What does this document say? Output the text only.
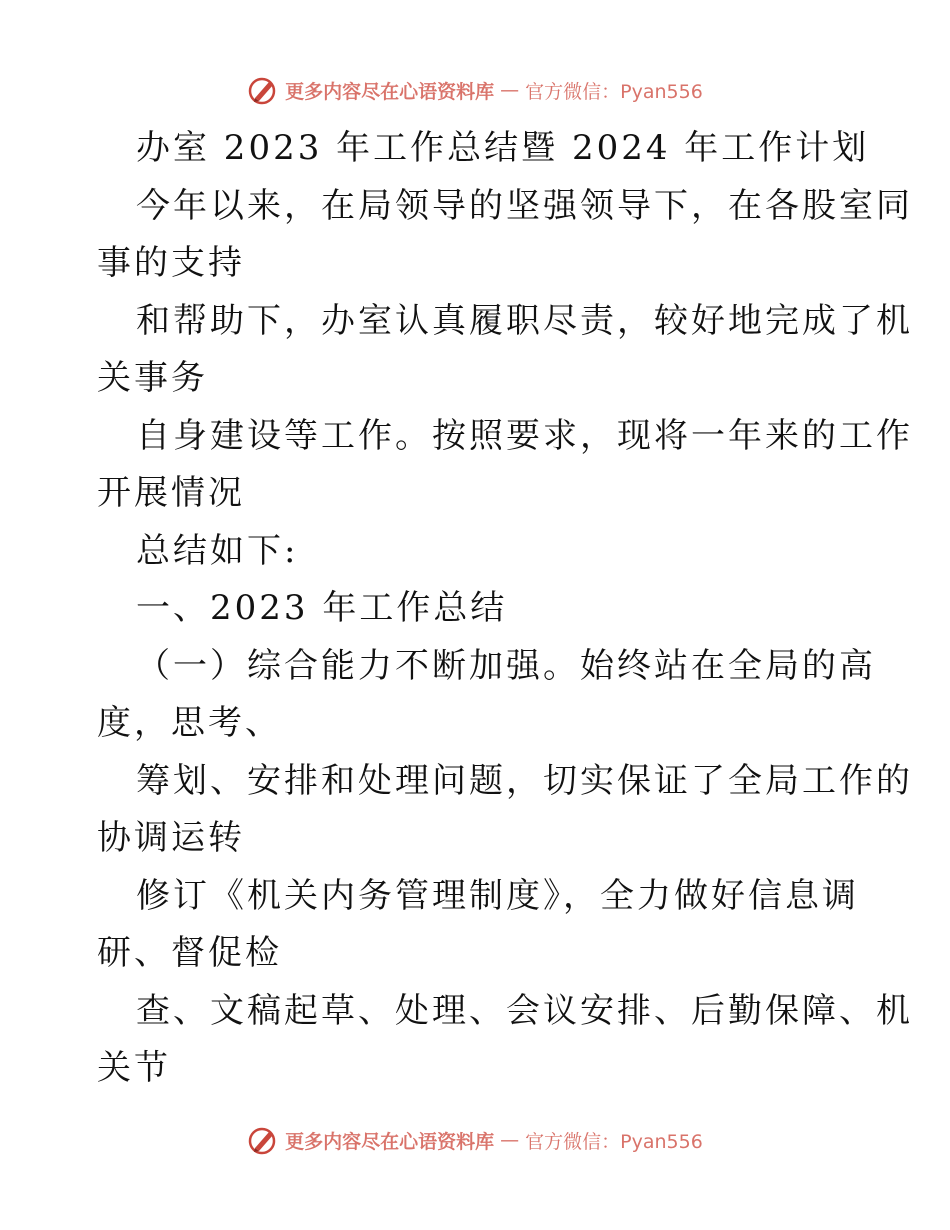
更多内容尽在心语资料库 — 官方微信：Pyan556
办室 2023 年工作总结暨 2024 年工作计划
今年以来，在局领导的坚强领导下，在各股室同
事的支持
和帮助下，办室认真履职尽责，较好地完成了机
关事务
自身建设等工作。按照要求，现将一年来的工作
开展情况
总结如下:
一、2023 年工作总结
（一）综合能力不断加强。始终站在全局的高
度，思考、
筹划、安排和处理问题，切实保证了全局工作的
协调运转
修订《机关内务管理制度》，全力做好信息调
研、督促检
查、文稿起草、处理、会议安排、后勤保障、机
关节
更多内容尽在心语资料库 — 官方微信：Pyan556
